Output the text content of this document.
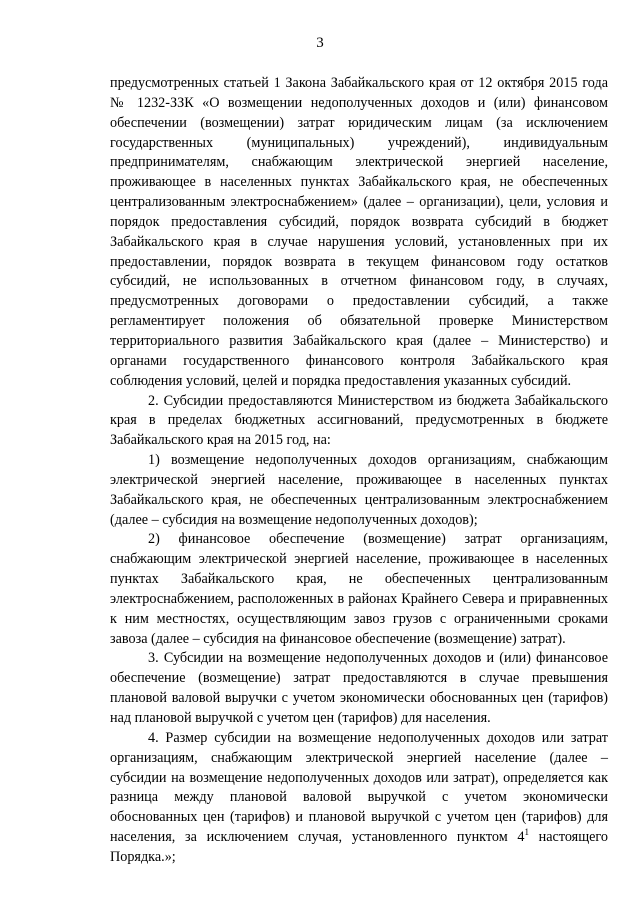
3

предусмотренных статьей 1 Закона Забайкальского края от 12 октября 2015 года № 1232-ЗЗК «О возмещении недополученных доходов и (или) финансовом обеспечении (возмещении) затрат юридическим лицам (за исключением государственных (муниципальных) учреждений), индивидуальным предпринимателям, снабжающим электрической энергией население, проживающее в населенных пунктах Забайкальского края, не обеспеченных централизованным электроснабжением» (далее – организации), цели, условия и порядок предоставления субсидий, порядок возврата субсидий в бюджет Забайкальского края в случае нарушения условий, установленных при их предоставлении, порядок возврата в текущем финансовом году остатков субсидий, не использованных в отчетном финансовом году, в случаях, предусмотренных договорами о предоставлении субсидий, а также регламентирует положения об обязательной проверке Министерством территориального развития Забайкальского края (далее – Министерство) и органами государственного финансового контроля Забайкальского края соблюдения условий, целей и порядка предоставления указанных субсидий.

2. Субсидии предоставляются Министерством из бюджета Забайкальского края в пределах бюджетных ассигнований, предусмотренных в бюджете Забайкальского края на 2015 год, на:

1) возмещение недополученных доходов организациям, снабжающим электрической энергией население, проживающее в населенных пунктах Забайкальского края, не обеспеченных централизованным электроснабжением (далее – субсидия на возмещение недополученных доходов);

2) финансовое обеспечение (возмещение) затрат организациям, снабжающим электрической энергией население, проживающее в населенных пунктах Забайкальского края, не обеспеченных централизованным электроснабжением, расположенных в районах Крайнего Севера и приравненных к ним местностях, осуществляющим завоз грузов с ограниченными сроками завоза (далее – субсидия на финансовое обеспечение (возмещение) затрат).

3. Субсидии на возмещение недополученных доходов и (или) финансовое обеспечение (возмещение) затрат предоставляются в случае превышения плановой валовой выручки с учетом экономически обоснованных цен (тарифов) над плановой выручкой с учетом цен (тарифов) для населения.

4. Размер субсидии на возмещение недополученных доходов или затрат организациям, снабжающим электрической энергией население (далее – субсидии на возмещение недополученных доходов или затрат), определяется как разница между плановой валовой выручкой с учетом экономически обоснованных цен (тарифов) и плановой выручкой с учетом цен (тарифов) для населения, за исключением случая, установленного пунктом $4^1$ настоящего Порядка.»;
